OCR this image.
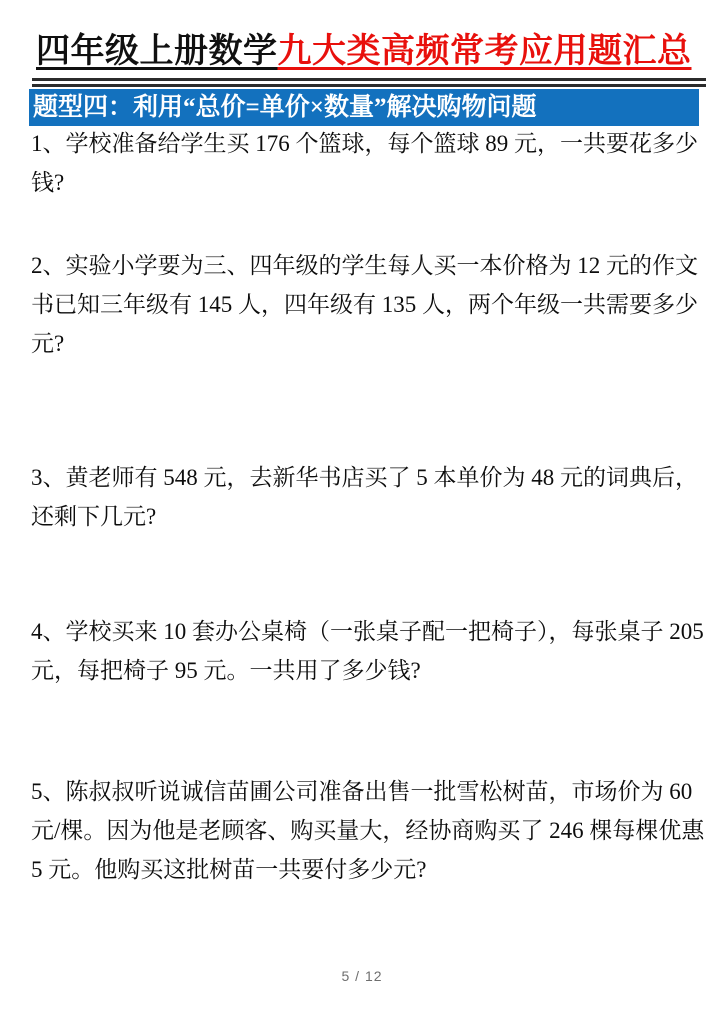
四年级上册数学九大类高频常考应用题汇总
题型四：利用“总价=单价×数量”解决购物问题
1、学校准备给学生买 176 个篮球，每个篮球 89 元，一共要花多少
钱?
2、实验小学要为三、四年级的学生每人买一本价格为 12 元的作文
书已知三年级有 145 人，四年级有 135 人，两个年级一共需要多少
元?
3、黄老师有 548 元，去新华书店买了 5 本单价为 48 元的词典后，
还剩下几元?
4、学校买来 10 套办公桌椅（一张桌子配一把椅子），每张桌子 205
元，每把椅子 95 元。一共用了多少钱?
5、陈叔叔听说诚信苗圃公司准备出售一批雪松树苗，市场价为 60
元/棵。因为他是老顾客、购买量大，经协商购买了 246 棵每棵优惠
5 元。他购买这批树苗一共要付多少元?
5 / 12
